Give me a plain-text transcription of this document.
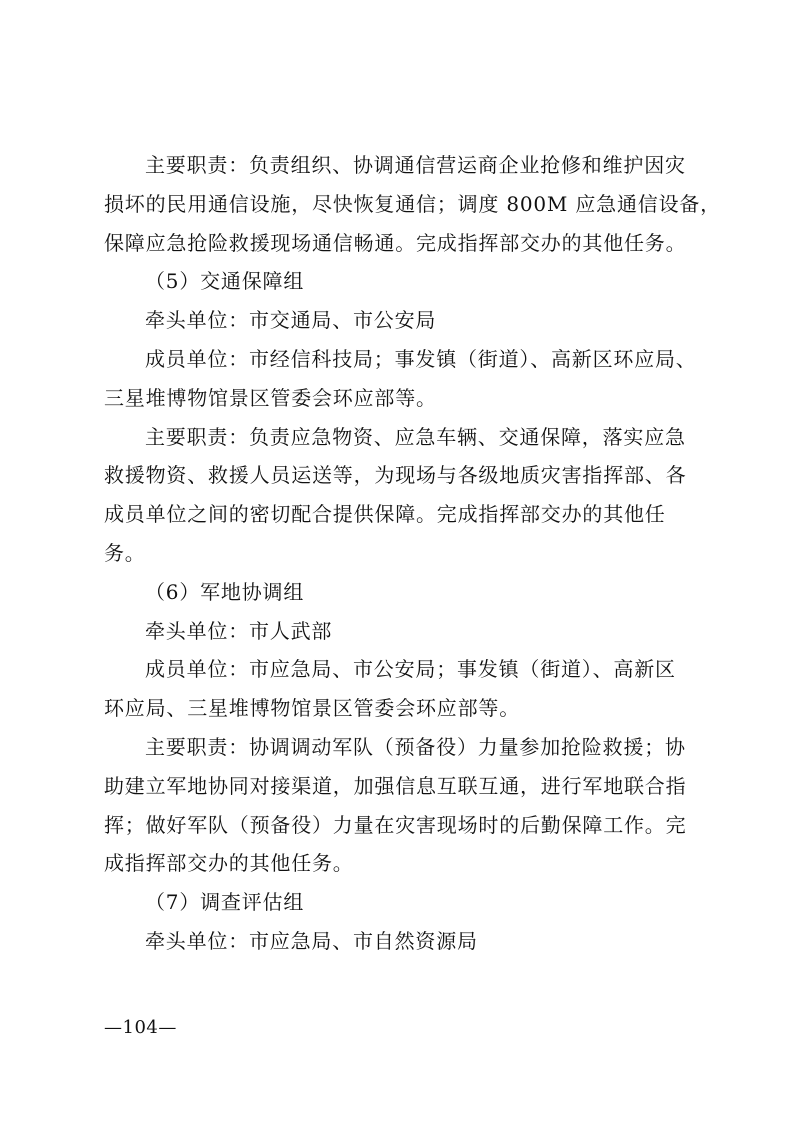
主要职责：负责组织、协调通信营运商企业抢修和维护因灾
损坏的民用通信设施，尽快恢复通信；调度 800M 应急通信设备，
保障应急抢险救援现场通信畅通。完成指挥部交办的其他任务。
（5）交通保障组
牵头单位：市交通局、市公安局
成员单位：市经信科技局；事发镇（街道）、高新区环应局、
三星堆博物馆景区管委会环应部等。
主要职责：负责应急物资、应急车辆、交通保障，落实应急
救援物资、救援人员运送等，为现场与各级地质灾害指挥部、各
成员单位之间的密切配合提供保障。完成指挥部交办的其他任
务。
（6）军地协调组
牵头单位：市人武部
成员单位：市应急局、市公安局；事发镇（街道）、高新区
环应局、三星堆博物馆景区管委会环应部等。
主要职责：协调调动军队（预备役）力量参加抢险救援；协
助建立军地协同对接渠道，加强信息互联互通，进行军地联合指
挥；做好军队（预备役）力量在灾害现场时的后勤保障工作。完
成指挥部交办的其他任务。
（7）调查评估组
牵头单位：市应急局、市自然资源局
—104—
